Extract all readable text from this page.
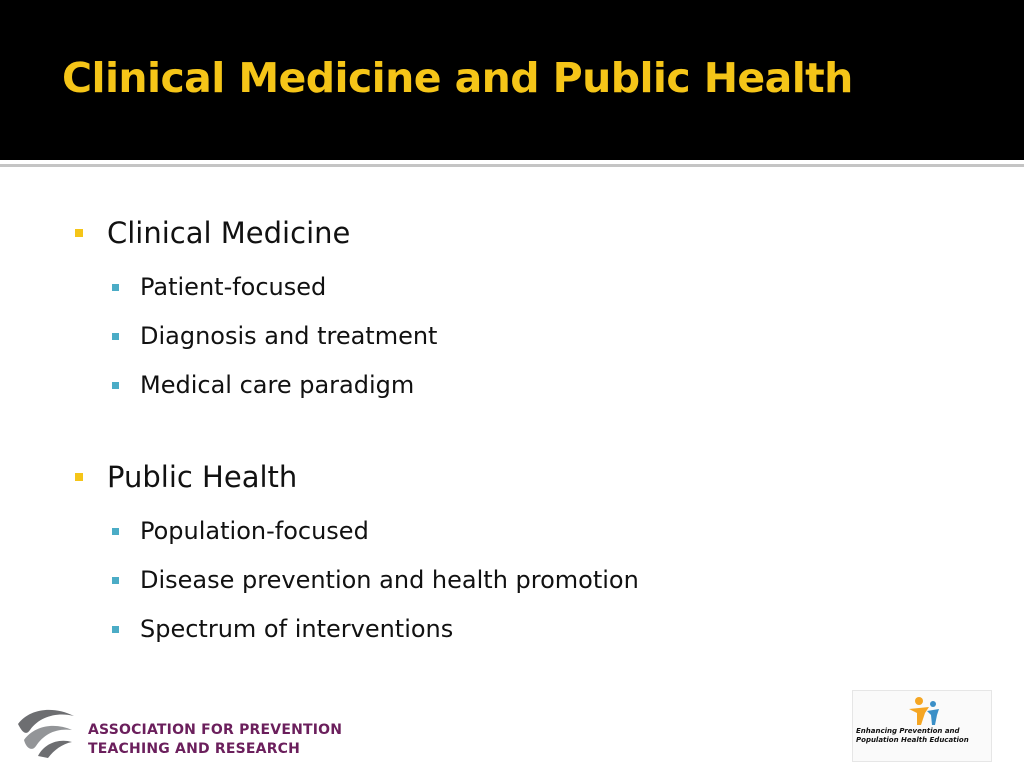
Clinical Medicine and Public Health
Clinical Medicine
Patient-focused
Diagnosis and treatment
Medical care paradigm
Public Health
Population-focused
Disease prevention and health promotion
Spectrum of interventions
ASSOCIATION FOR PREVENTION
TEACHING AND RESEARCH
Enhancing Prevention and
Population Health Education
